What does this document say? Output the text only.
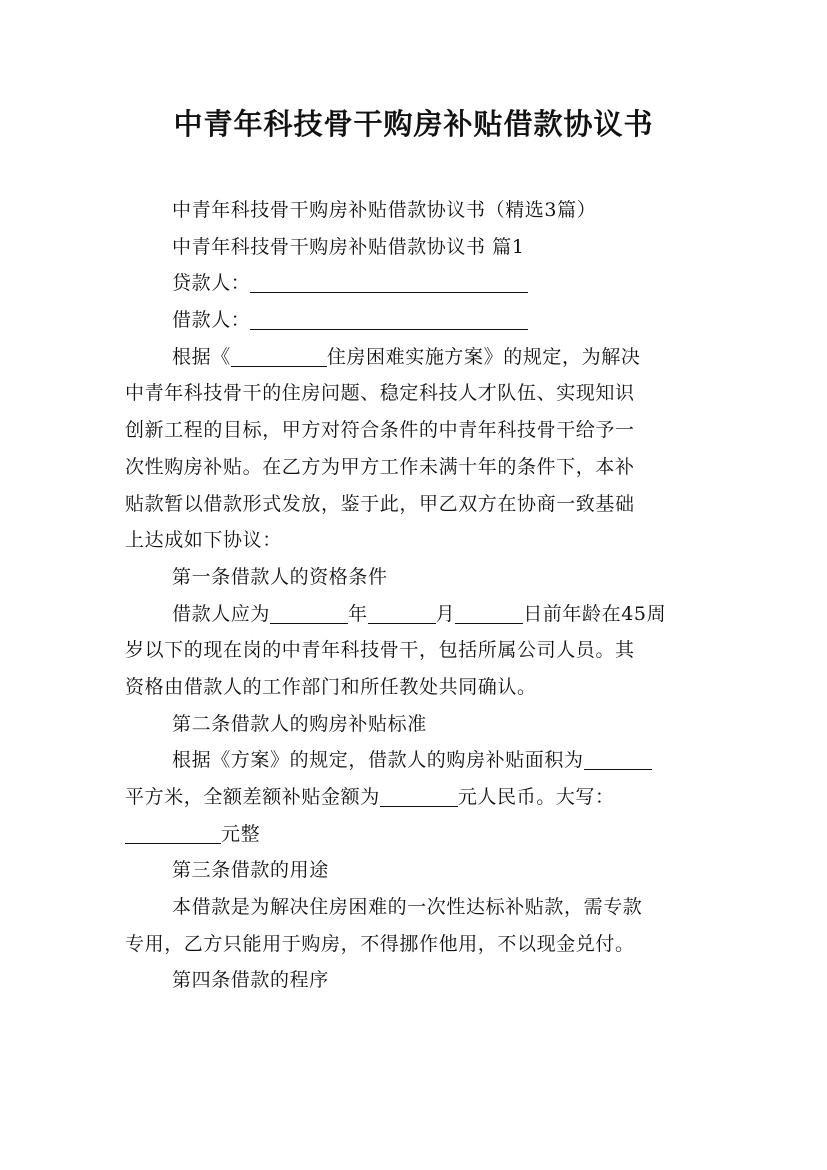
中青年科技骨干购房补贴借款协议书
中青年科技骨干购房补贴借款协议书（精选3篇）
中青年科技骨干购房补贴借款协议书 篇1
贷款人：
借款人：
根据《	住房困难实施方案》的规定，为解决
中青年科技骨干的住房问题、稳定科技人才队伍、实现知识
创新工程的目标，甲方对符合条件的中青年科技骨干给予一
次性购房补贴。在乙方为甲方工作未满十年的条件下，本补
贴款暂以借款形式发放，鉴于此，甲乙双方在协商一致基础
上达成如下协议：
第一条借款人的资格条件
借款人应为	年	月	日前年龄在45周
岁以下的现在岗的中青年科技骨干，包括所属公司人员。其
资格由借款人的工作部门和所任教处共同确认。
第二条借款人的购房补贴标准
根据《方案》的规定，借款人的购房补贴面积为
平方米，全额差额补贴金额为	元人民币。大写：
元整
第三条借款的用途
本借款是为解决住房困难的一次性达标补贴款，需专款
专用，乙方只能用于购房，不得挪作他用，不以现金兑付。
第四条借款的程序
